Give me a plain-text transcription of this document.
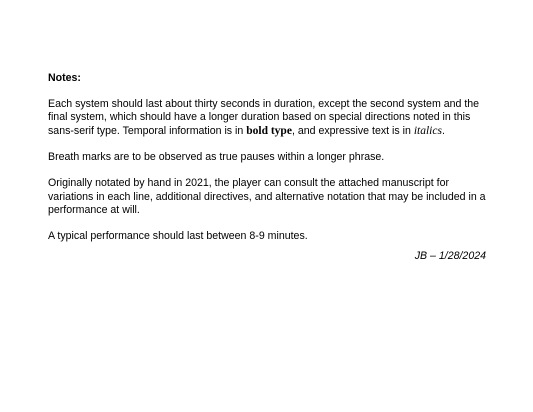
Notes:

Each system should last about thirty seconds in duration, except the second system and the final system, which should have a longer duration based on special directions noted in this sans-serif type. Temporal information is in bold type, and expressive text is in italics.

Breath marks are to be observed as true pauses within a longer phrase.

Originally notated by hand in 2021, the player can consult the attached manuscript for variations in each line, additional directives, and alternative notation that may be included in a performance at will.

A typical performance should last between 8-9 minutes.

JB – 1/28/2024
